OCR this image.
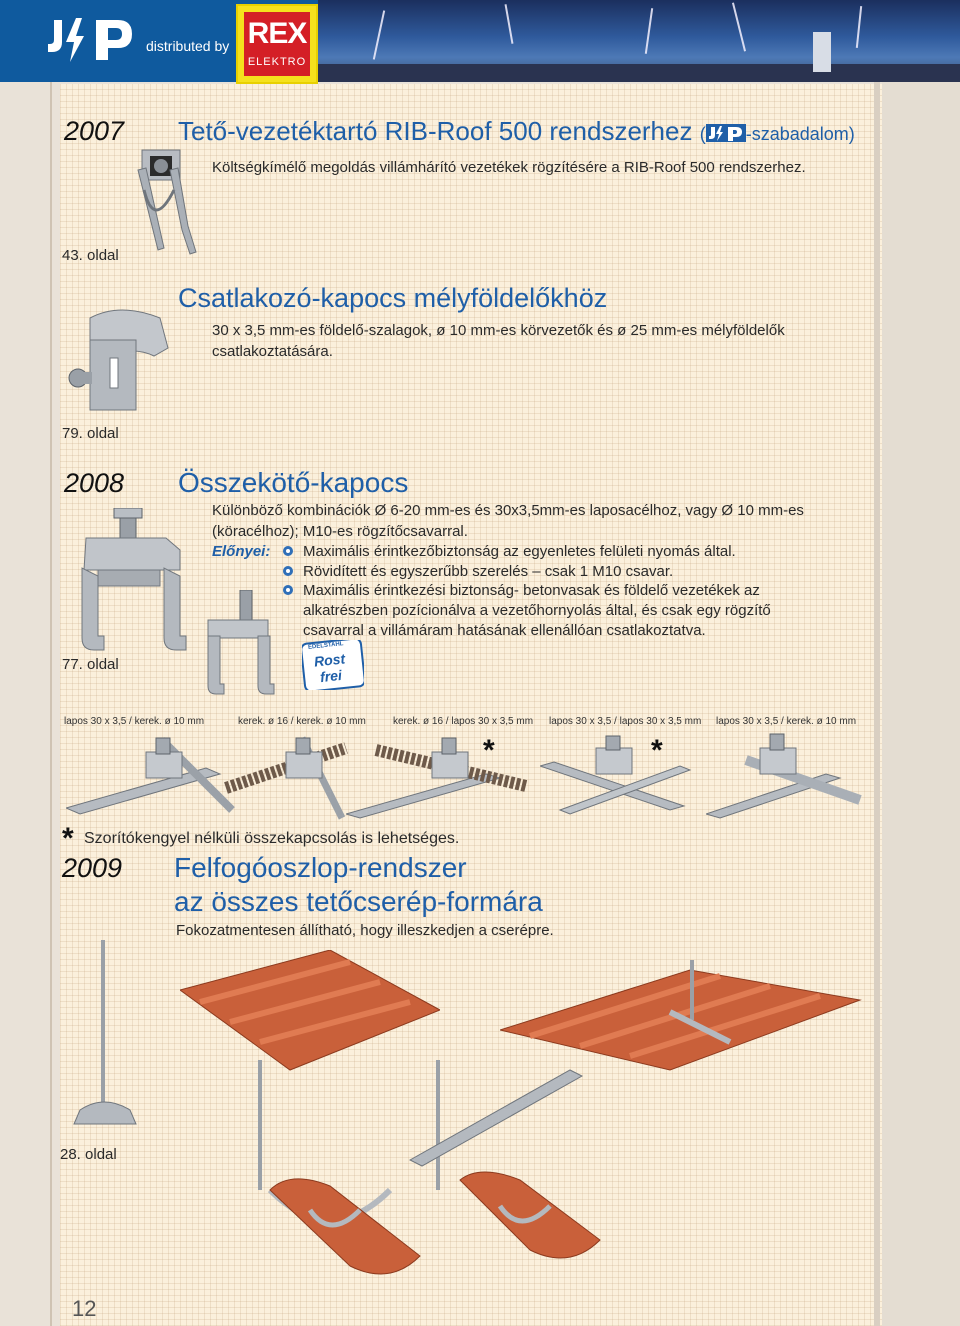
distributed by REX
ELEKTRO
2007 Tető-vezetéktartó RIB-Roof 500 rendszerhez ( -szabadalom)
Költségkímélő megoldás villámhárító vezetékek rögzítésére a RIB-Roof 500 rendszerhez.
43. oldal
Csatlakozó-kapocs mélyföldelőkhöz
30 x 3,5 mm-es földelő-szalagok, ø 10 mm-es körvezetők és ø 25 mm-es mélyföldelők
csatlakoztatására.
79. oldal
2008 Összekötő-kapocs
Különböző kombinációk Ø 6-20 mm-es és 30x3,5mm-es laposacélhoz, vagy Ø 10 mm-es
(köracélhoz); M10-es rögzítőcsavarral.
Előnyei: Maximális érintkezőbiztonság az egyenletes felületi nyomás által.
Rövidített és egyszerűbb szerelés – csak 1 M10 csavar.
Maximális érintkezési biztonság- betonvasak és földelő vezetékek az
alkatrészben pozícionálva a vezetőhornyolás által, és csak egy rögzítő
csavarral a villámáram hatásának ellenállóan csatlakoztatva.
EDELSTAHL
Rost
frei
77. oldal
lapos 30 x 3,5 / kerek. ø 10 mm	kerek. ø 16 / kerek. ø 10 mm	kerek. ø 16 / lapos 30 x 3,5 mm lapos 30 x 3,5 / lapos 30 x 3,5 mm lapos 30 x 3,5 / kerek. ø 10 mm
*	*
* Szorítókengyel nélküli összekapcsolás is lehetséges.
2009 Felfogóoszlop-rendszer
az összes tetőcserép-formára
Fokozatmentesen állítható, hogy illeszkedjen a cserépre.
28. oldal
12
